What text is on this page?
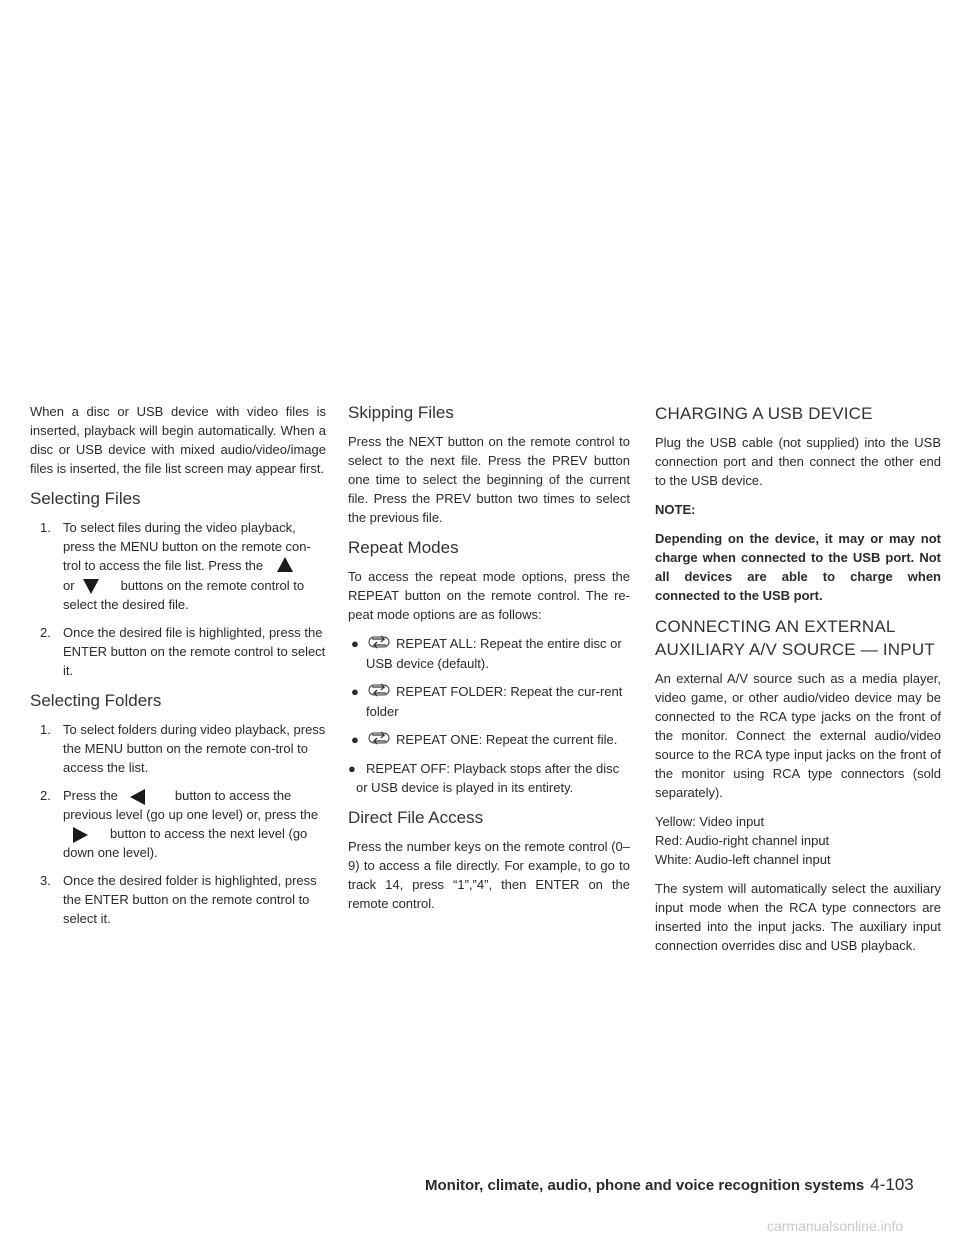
When a disc or USB device with video files is inserted, playback will begin automatically. When a disc or USB device with mixed audio/video/image files is inserted, the file list screen may appear first.

Selecting Files
1. To select files during the video playback, press the MENU button on the remote con-trol to access the file list. Press the
or	buttons on the remote control to select the desired file.
2. Once the desired file is highlighted, press the ENTER button on the remote control to select it.
Selecting Folders
1. To select folders during video playback, press the MENU button on the remote con-trol to access the list.
2. Press the	button to access the previous level (go up one level) or, press thebutton to access the next level (go down one level).
3. Once the desired folder is highlighted, press the ENTER button on the remote control to select it.
Skipping Files

Press the NEXT button on the remote control to select to the next file. Press the PREV button one time to select the beginning of the current file. Press the PREV button two times to select the previous file.

Repeat Modes

To access the repeat mode options, press the REPEAT button on the remote control. The re-peat mode options are as follows:

●	REPEAT ALL: Repeat the entire disc or USB device (default).
●	REPEAT FOLDER: Repeat the cur-rent folder
●	REPEAT ONE: Repeat the current file.
● REPEAT OFF: Playback stops after the disc or USB device is played in its entirety.
Direct File Access

Press the number keys on the remote control (0–9) to access a file directly. For example, to go to track 14, press “1”,”4”, then ENTER on the remote control.

CHARGING A USB DEVICE

Plug the USB cable (not supplied) into the USB connection port and then connect the other end to the USB device.

NOTE:

Depending on the device, it may or may not charge when connected to the USB port. Not all devices are able to charge when connected to the USB port.

CONNECTING AN EXTERNAL AUXILIARY A/V SOURCE — INPUT

An external A/V source such as a media player, video game, or other audio/video device may be connected to the RCA type jacks on the front of the monitor. Connect the external audio/video source to the RCA type input jacks on the front of the monitor using RCA type connectors (sold separately).

Yellow: Video input
Red: Audio-right channel input
White: Audio-left channel input

The system will automatically select the auxiliary input mode when the RCA type connectors are inserted into the input jacks. The auxiliary input connection overrides disc and USB playback.

Monitor, climate, audio, phone and voice recognition systems 4-103
carmanualsonline.info
